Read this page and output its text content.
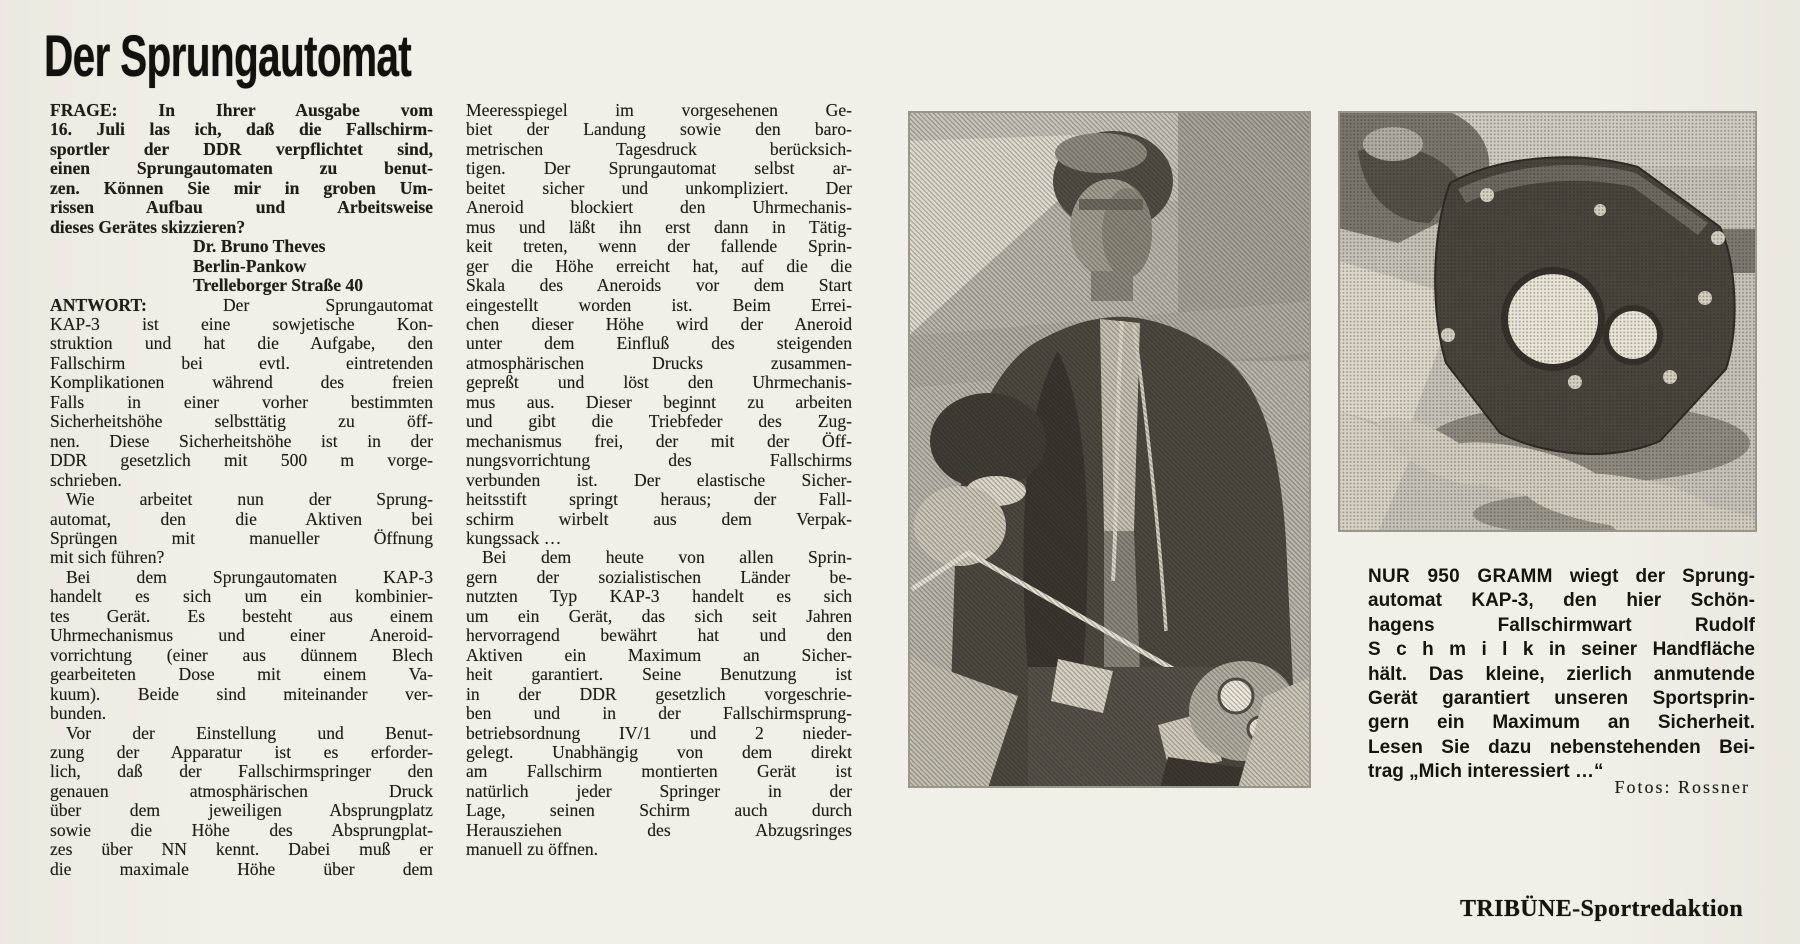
Der Sprungautomat
FRAGE: In Ihrer Ausgabe vom
16. Juli las ich, daß die Fallschirm-
sportler der DDR verpflichtet sind,
einen Sprungautomaten zu benut-
zen. Können Sie mir in groben Um-
rissen Aufbau und Arbeitsweise
dieses Gerätes skizzieren?
Dr. Bruno Theves
Berlin-Pankow
Trelleborger Straße 40
ANTWORT: Der Sprungautomat
KAP-3 ist eine sowjetische Kon-
struktion und hat die Aufgabe, den
Fallschirm bei evtl. eintretenden
Komplikationen während des freien
Falls in einer vorher bestimmten
Sicherheitshöhe selbsttätig zu öff-
nen. Diese Sicherheitshöhe ist in der
DDR gesetzlich mit 500 m vorge-
schrieben.
Wie arbeitet nun der Sprung-
automat, den die Aktiven bei
Sprüngen mit manueller Öffnung
mit sich führen?
Bei dem Sprungautomaten KAP-3
handelt es sich um ein kombinier-
tes Gerät. Es besteht aus einem
Uhrmechanismus und einer Aneroid-
vorrichtung (einer aus dünnem Blech
gearbeiteten Dose mit einem Va-
kuum). Beide sind miteinander ver-
bunden.
Vor der Einstellung und Benut-
zung der Apparatur ist es erforder-
lich, daß der Fallschirmspringer den
genauen atmosphärischen Druck
über dem jeweiligen Absprungplatz
sowie die Höhe des Absprungplat-
zes über NN kennt. Dabei muß er
die maximale Höhe über dem
Meeresspiegel im vorgesehenen Ge-
biet der Landung sowie den baro-
metrischen Tagesdruck berücksich-
tigen. Der Sprungautomat selbst ar-
beitet sicher und unkompliziert. Der
Aneroid blockiert den Uhrmechanis-
mus und läßt ihn erst dann in Tätig-
keit treten, wenn der fallende Sprin-
ger die Höhe erreicht hat, auf die die
Skala des Aneroids vor dem Start
eingestellt worden ist. Beim Errei-
chen dieser Höhe wird der Aneroid
unter dem Einfluß des steigenden
atmosphärischen Drucks zusammen-
gepreßt und löst den Uhrmechanis-
mus aus. Dieser beginnt zu arbeiten
und gibt die Triebfeder des Zug-
mechanismus frei, der mit der Öff-
nungsvorrichtung des Fallschirms
verbunden ist. Der elastische Sicher-
heitsstift springt heraus; der Fall-
schirm wirbelt aus dem Verpak-
kungssack …
Bei dem heute von allen Sprin-
gern der sozialistischen Länder be-
nutzten Typ KAP-3 handelt es sich
um ein Gerät, das sich seit Jahren
hervorragend bewährt hat und den
Aktiven ein Maximum an Sicher-
heit garantiert. Seine Benutzung ist
in der DDR gesetzlich vorgeschrie-
ben und in der Fallschirmsprung-
betriebsordnung IV/1 und 2 nieder-
gelegt. Unabhängig von dem direkt
am Fallschirm montierten Gerät ist
natürlich jeder Springer in der
Lage, seinen Schirm auch durch
Herausziehen des Abzugsringes
manuell zu öffnen.
NUR 950 GRAMM wiegt der Sprung-
automat KAP-3, den hier Schön-
hagens Fallschirmwart Rudolf
S c h m i l k in seiner Handfläche
hält. Das kleine, zierlich anmutende
Gerät garantiert unseren Sportsprin-
gern ein Maximum an Sicherheit.
Lesen Sie dazu nebenstehenden Bei-
trag „Mich interessiert …“
Fotos: Rossner
TRIBÜNE-Sportredaktion
